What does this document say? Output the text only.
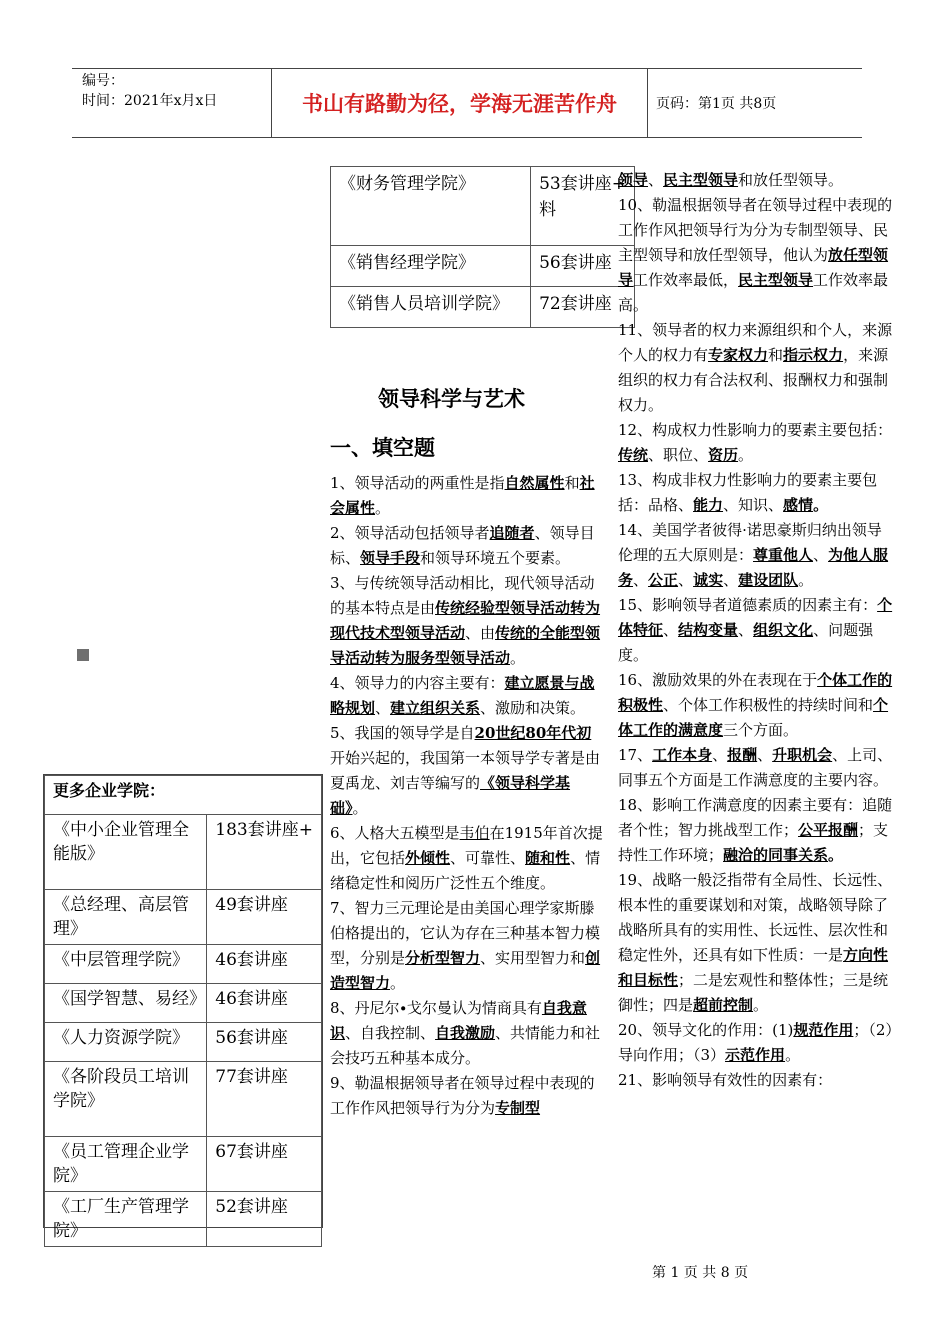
编号：
时间：2021年x月x日	书山有路勤为径，学海无涯苦作舟	页码：第1页 共8页
《财务管理学院》	53套讲座+
料
《销售经理学院》	56套讲座
《销售人员培训学院》	72套讲座
领导科学与艺术
一、填空题

1、领导活动的两重性是指自然属性和社会属性。

2、领导活动包括领导者追随者、领导目标、领导手段和领导环境五个要素。

3、与传统领导活动相比，现代领导活动的基本特点是由传统经验型领导活动转为现代技术型领导活动、由传统的全能型领导活动转为服务型领导活动。

4、领导力的内容主要有：建立愿景与战略规划、建立组织关系、激励和决策。

5、我国的领导学是自20世纪80年代初开始兴起的，我国第一本领导学专著是由夏禹龙、刘吉等编写的《领导科学基础》。

6、人格大五模型是韦伯在1915年首次提出，它包括外倾性、可靠性、随和性、情绪稳定性和阅历广泛性五个维度。

7、智力三元理论是由美国心理学家斯滕伯格提出的，它认为存在三种基本智力模型，分别是分析型智力、实用型智力和创造型智力。

8、丹尼尔∙戈尔曼认为情商具有自我意识、自我控制、自我激励、共情能力和社会技巧五种基本成分。

9、勒温根据领导者在领导过程中表现的工作作风把领导行为分为专制型

领导、民主型领导和放任型领导。

10、勒温根据领导者在领导过程中表现的工作作风把领导行为分为专制型领导、民主型领导和放任型领导，他认为放任型领导工作效率最低，民主型领导工作效率最高。

11、领导者的权力来源组织和个人，来源个人的权力有专家权力和指示权力，来源组织的权力有合法权利、报酬权力和强制权力。

12、构成权力性影响力的要素主要包括：传统、职位、资历。

13、构成非权力性影响力的要素主要包括：品格、能力、知识、感情。

14、美国学者彼得·诺思豪斯归纳出领导伦理的五大原则是：尊重他人、为他人服务、公正、诚实、建设团队。

15、影响领导者道德素质的因素主有：个体特征、结构变量、组织文化、问题强度。

16、激励效果的外在表现在于个体工作的积极性、个体工作积极性的持续时间和个体工作的满意度三个方面。

17、工作本身、报酬、升职机会、上司、同事五个方面是工作满意度的主要内容。

18、影响工作满意度的因素主要有：追随者个性；智力挑战型工作；公平报酬；支持性工作环境；融洽的同事关系。

19、战略一般泛指带有全局性、长远性、根本性的重要谋划和对策，战略领导除了战略所具有的实用性、长远性、层次性和稳定性外，还具有如下性质：一是方向性和目标性；二是宏观性和整体性；三是统御性；四是超前控制。

20、领导文化的作用：(1)规范作用；（2）导向作用；（3）示范作用。

21、影响领导有效性的因素有：

更多企业学院：	
《中小企业管理全能版》	183套讲座+
《总经理、高层管理》	49套讲座
《中层管理学院》	46套讲座
《国学智慧、易经》	46套讲座
《人力资源学院》	56套讲座
《各阶段员工培训学院》	77套讲座
《员工管理企业学院》	67套讲座
《工厂生产管理学院》	52套讲座
第 1 页 共 8 页
